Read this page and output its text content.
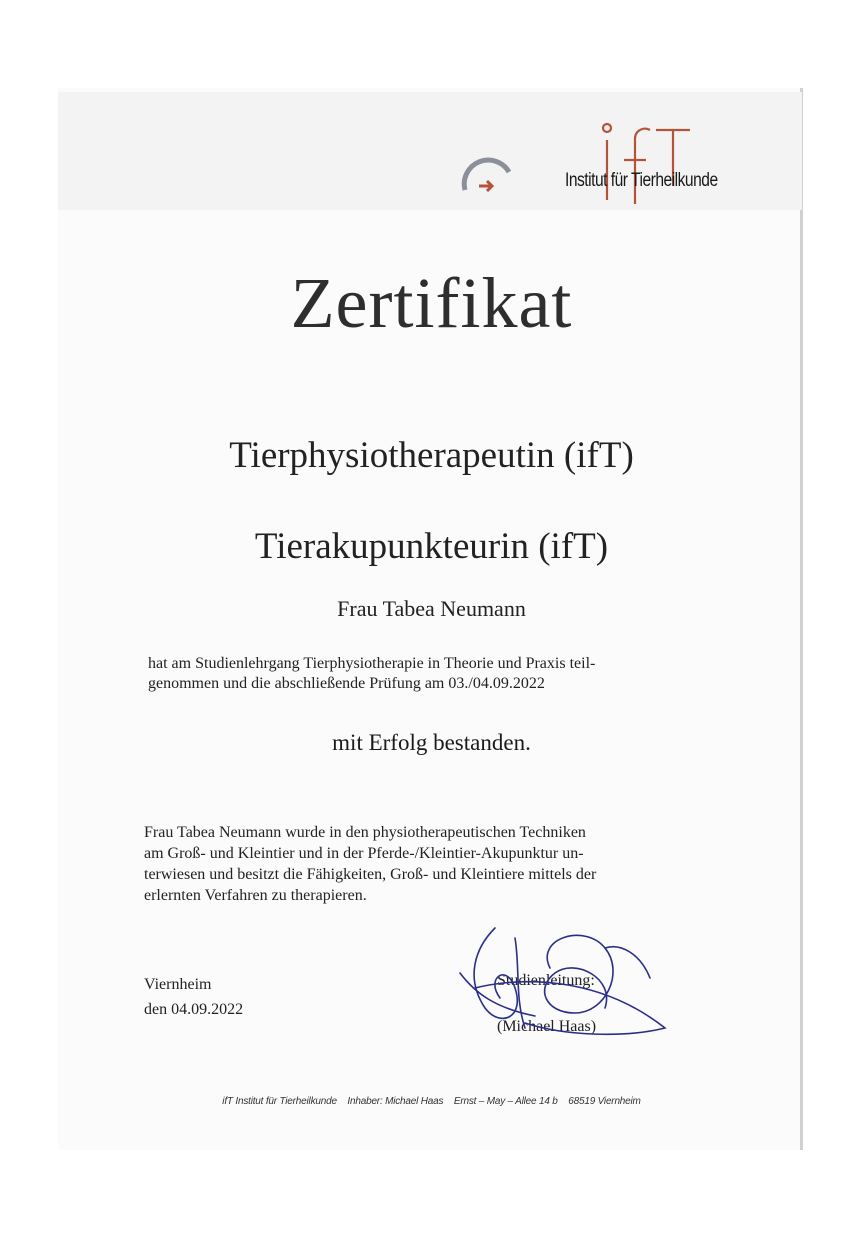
Institut für Tierheilkunde
Zertifikat
Tierphysiotherapeutin (ifT)
Tierakupunkteurin (ifT)
Frau Tabea Neumann
hat am Studienlehrgang Tierphysiotherapie in Theorie und Praxis teil-
genommen und die abschließende Prüfung am 03./04.09.2022
mit Erfolg bestanden.
Frau Tabea Neumann wurde in den physiotherapeutischen Techniken
am Groß- und Kleintier und in der Pferde-/Kleintier-Akupunktur un-
terwiesen und besitzt die Fähigkeiten, Groß- und Kleintiere mittels der
erlernten Verfahren zu therapieren.
Viernheim
den 04.09.2022
Studienleitung:
(Michael Haas)
ifT Institut für Tierheilkunde Inhaber: Michael Haas Ernst – May – Allee 14 b 68519 Viernheim
